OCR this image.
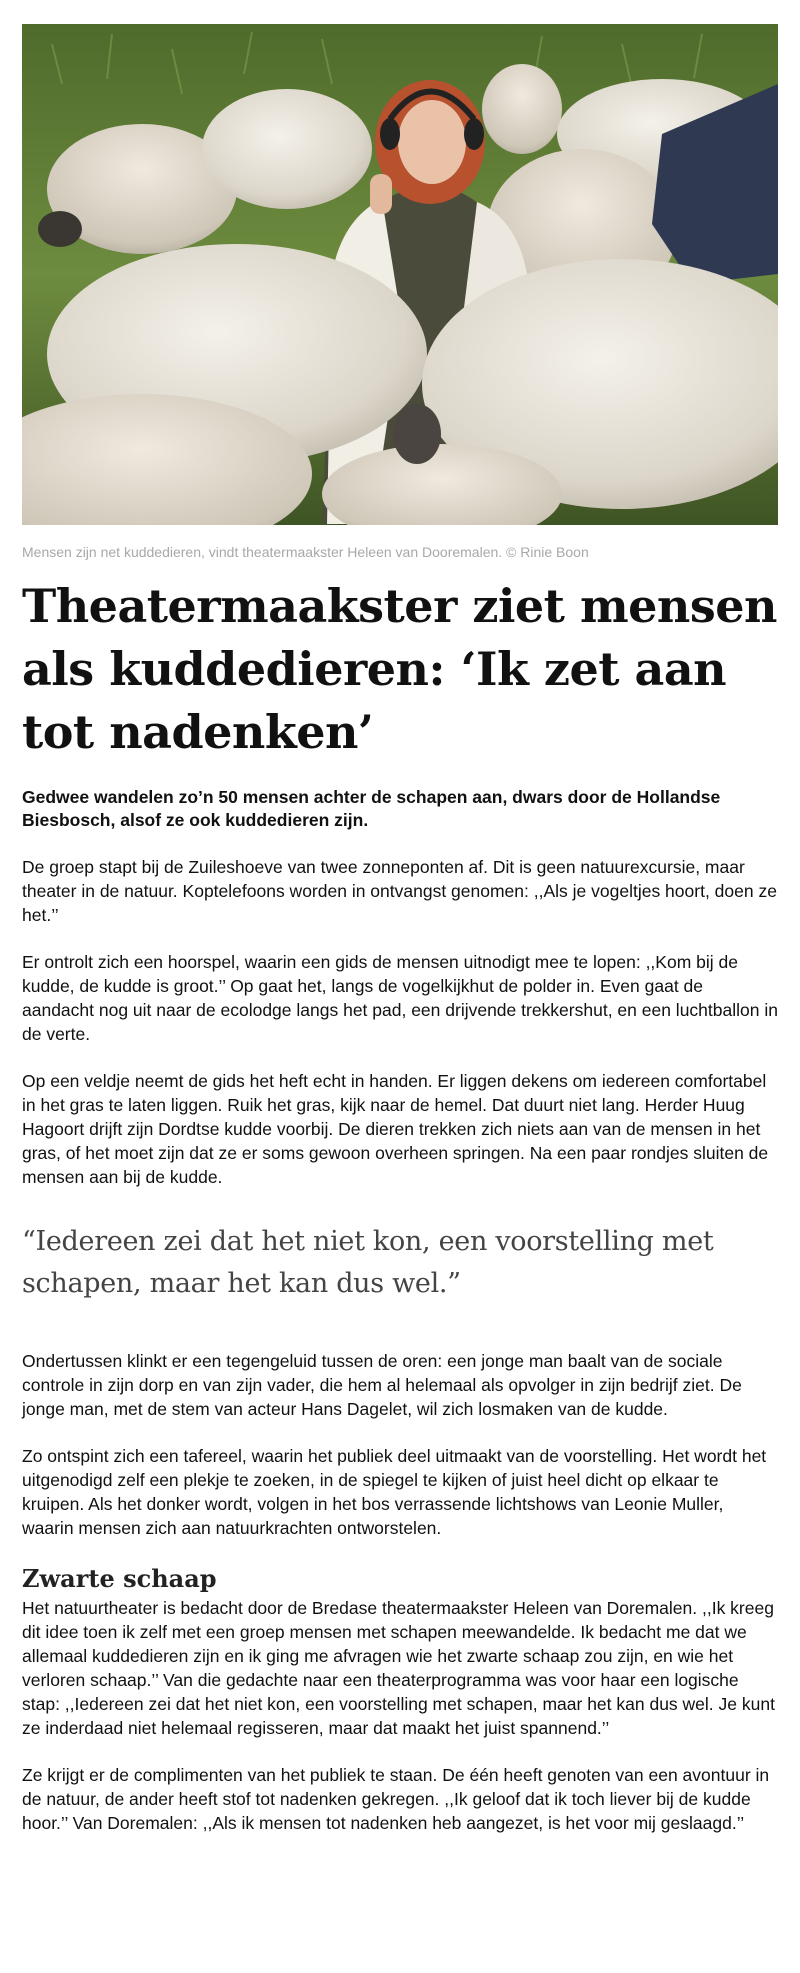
Mensen zijn net kuddedieren, vindt theatermaakster Heleen van Dooremalen. © Rinie Boon

Theatermaakster ziet mensen als kuddedieren: ‘Ik zet aan tot nadenken’

Gedwee wandelen zo’n 50 mensen achter de schapen aan, dwars door de Hollandse Biesbosch, alsof ze ook kuddedieren zijn.

De groep stapt bij de Zuileshoeve van twee zonneponten af. Dit is geen natuurexcursie, maar theater in de natuur. Koptelefoons worden in ontvangst genomen: ,,Als je vogeltjes hoort, doen ze het.’’

Er ontrolt zich een hoorspel, waarin een gids de mensen uitnodigt mee te lopen: ,,Kom bij de kudde, de kudde is groot.’’ Op gaat het, langs de vogelkijkhut de polder in. Even gaat de aandacht nog uit naar de ecolodge langs het pad, een drijvende trekkershut, en een luchtballon in de verte.

Op een veldje neemt de gids het heft echt in handen. Er liggen dekens om iedereen comfortabel in het gras te laten liggen. Ruik het gras, kijk naar de hemel. Dat duurt niet lang. Herder Huug Hagoort drijft zijn Dordtse kudde voorbij. De dieren trekken zich niets aan van de mensen in het gras, of het moet zijn dat ze er soms gewoon overheen springen. Na een paar rondjes sluiten de mensen aan bij de kudde.

“Iedereen zei dat het niet kon, een voorstelling met schapen, maar het kan dus wel.”

Ondertussen klinkt er een tegengeluid tussen de oren: een jonge man baalt van de sociale controle in zijn dorp en van zijn vader, die hem al helemaal als opvolger in zijn bedrijf ziet. De jonge man, met de stem van acteur Hans Dagelet, wil zich losmaken van de kudde.

Zo ontspint zich een tafereel, waarin het publiek deel uitmaakt van de voorstelling. Het wordt het uitgenodigd zelf een plekje te zoeken, in de spiegel te kijken of juist heel dicht op elkaar te kruipen. Als het donker wordt, volgen in het bos verrassende lichtshows van Leonie Muller, waarin mensen zich aan natuurkrachten ontworstelen.

Zwarte schaap

Het natuurtheater is bedacht door de Bredase theatermaakster Heleen van Doremalen. ,,Ik kreeg dit idee toen ik zelf met een groep mensen met schapen meewandelde. Ik bedacht me dat we allemaal kuddedieren zijn en ik ging me afvragen wie het zwarte schaap zou zijn, en wie het verloren schaap.’’ Van die gedachte naar een theaterprogramma was voor haar een logische stap: ,,Iedereen zei dat het niet kon, een voorstelling met schapen, maar het kan dus wel. Je kunt ze inderdaad niet helemaal regisseren, maar dat maakt het juist spannend.’’

Ze krijgt er de complimenten van het publiek te staan. De één heeft genoten van een avontuur in de natuur, de ander heeft stof tot nadenken gekregen. ,,Ik geloof dat ik toch liever bij de kudde hoor.’’ Van Doremalen: ,,Als ik mensen tot nadenken heb aangezet, is het voor mij geslaagd.’’
